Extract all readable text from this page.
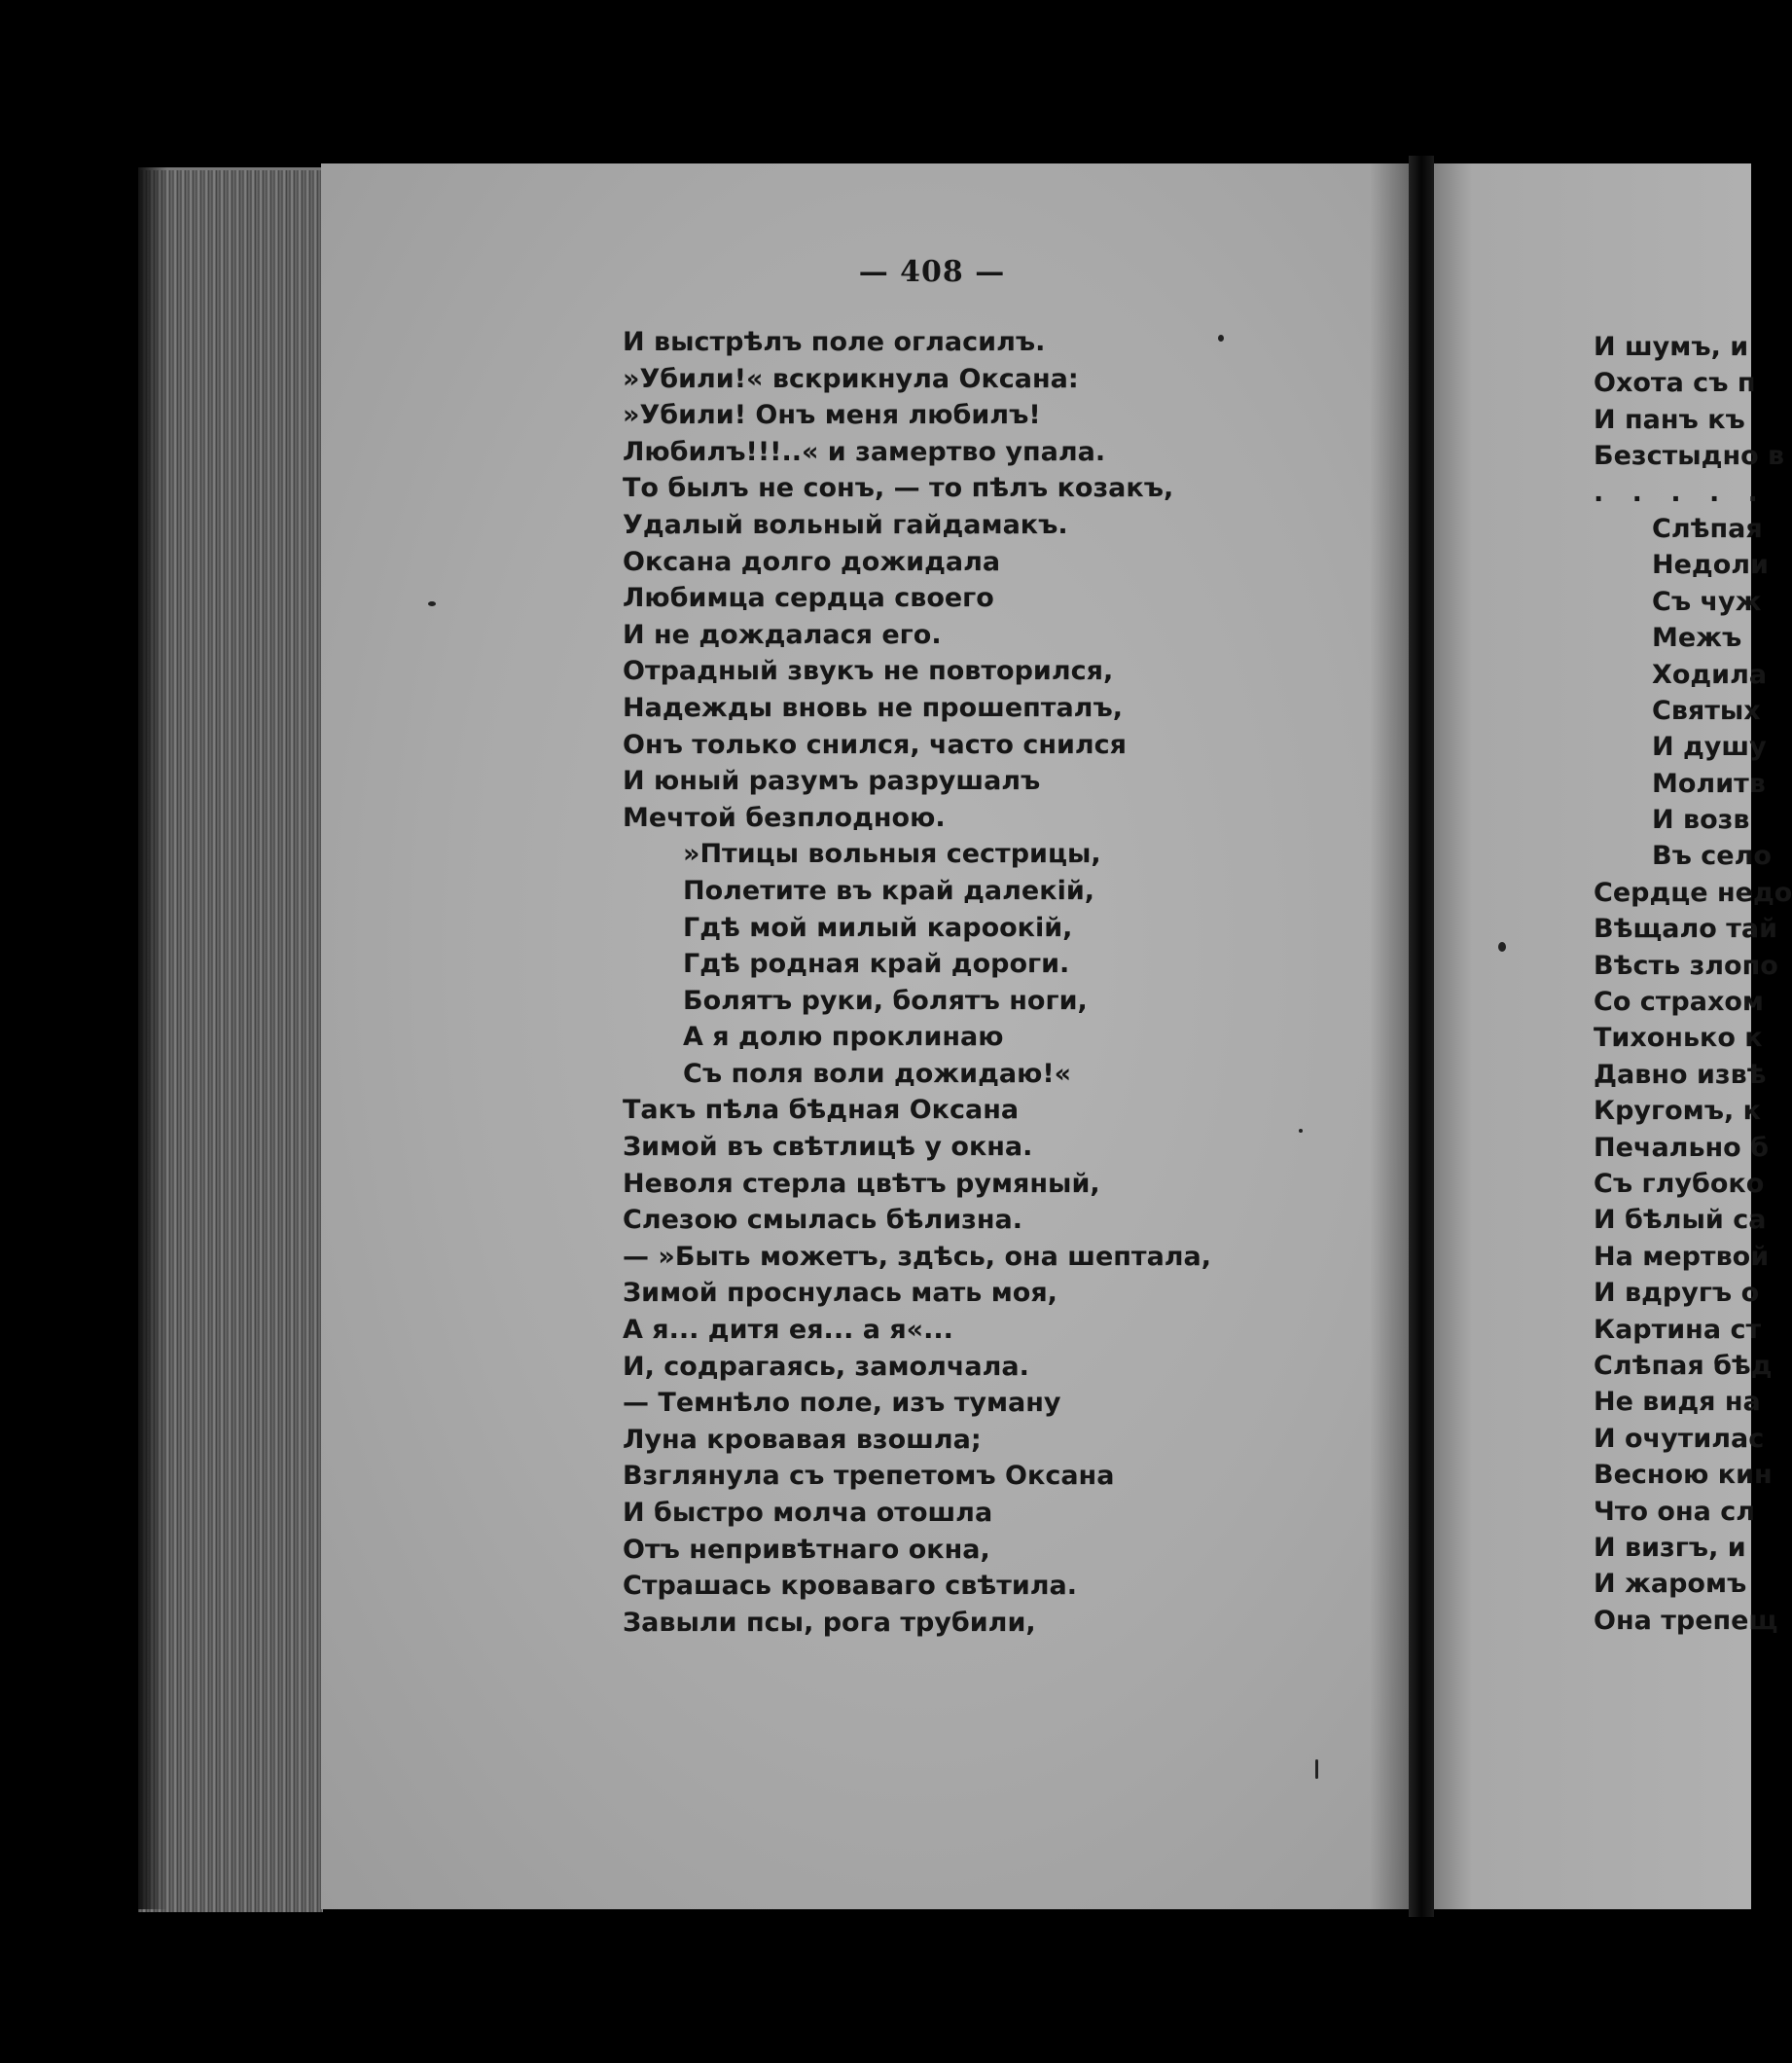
— 408 —
И выстрѣлъ поле огласилъ.
»Убили!« вскрикнула Оксана:
»Убили! Онъ меня любилъ!
Любилъ!!!..« и замертво упала.
То былъ не сонъ, — то пѣлъ козакъ,
Удалый вольный гайдамакъ.
Оксана долго дожидала
Любимца сердца своего
И не дождалася его.
Отрадный звукъ не повторился,
Надежды вновь не прошепталъ,
Онъ только снился, часто снился
И юный разумъ разрушалъ
Мечтой безплодною.
»Птицы вольныя сестрицы,
Полетите въ край далекій,
Гдѣ мой милый кароокій,
Гдѣ родная край дороги.
Болятъ руки, болятъ ноги,
А я долю проклинаю
Съ поля воли дожидаю!«
Такъ пѣла бѣдная Оксана
Зимой въ свѣтлицѣ у окна.
Неволя стерла цвѣтъ румяный,
Слезою смылась бѣлизна.
— »Быть можетъ, здѣсь, она шептала,
Зимой проснулась мать моя,
А я... дитя ея... а я«...
И, содрагаясь, замолчала.
— Темнѣло поле, изъ туману
Луна кровавая взошла;
Взглянула съ трепетомъ Оксана
И быстро молча отошла
Отъ непривѣтнаго окна,
Страшась кроваваго свѣтила.
Завыли псы, рога трубили,
И шумъ, и
Охота съ п
И панъ къ
Безстыдно в
. . . . .
Слѣпая
Недоли
Съ чуж
Межъ
Ходила
Святых
И душу
Молитв
И возв
Въ село
Сердце недо
Вѣщало тай
Вѣсть злопо
Со страхом
Тихонько к
Давно извѣ
Кругомъ, к
Печально б
Съ глубоко
И бѣлый са
На мертвой
И вдругъ о
Картина ст
Слѣпая бѣд
Не видя на
И очутилас
Весною кин
Что она сл
И визгъ, и
И жаромъ
Она трепещ
